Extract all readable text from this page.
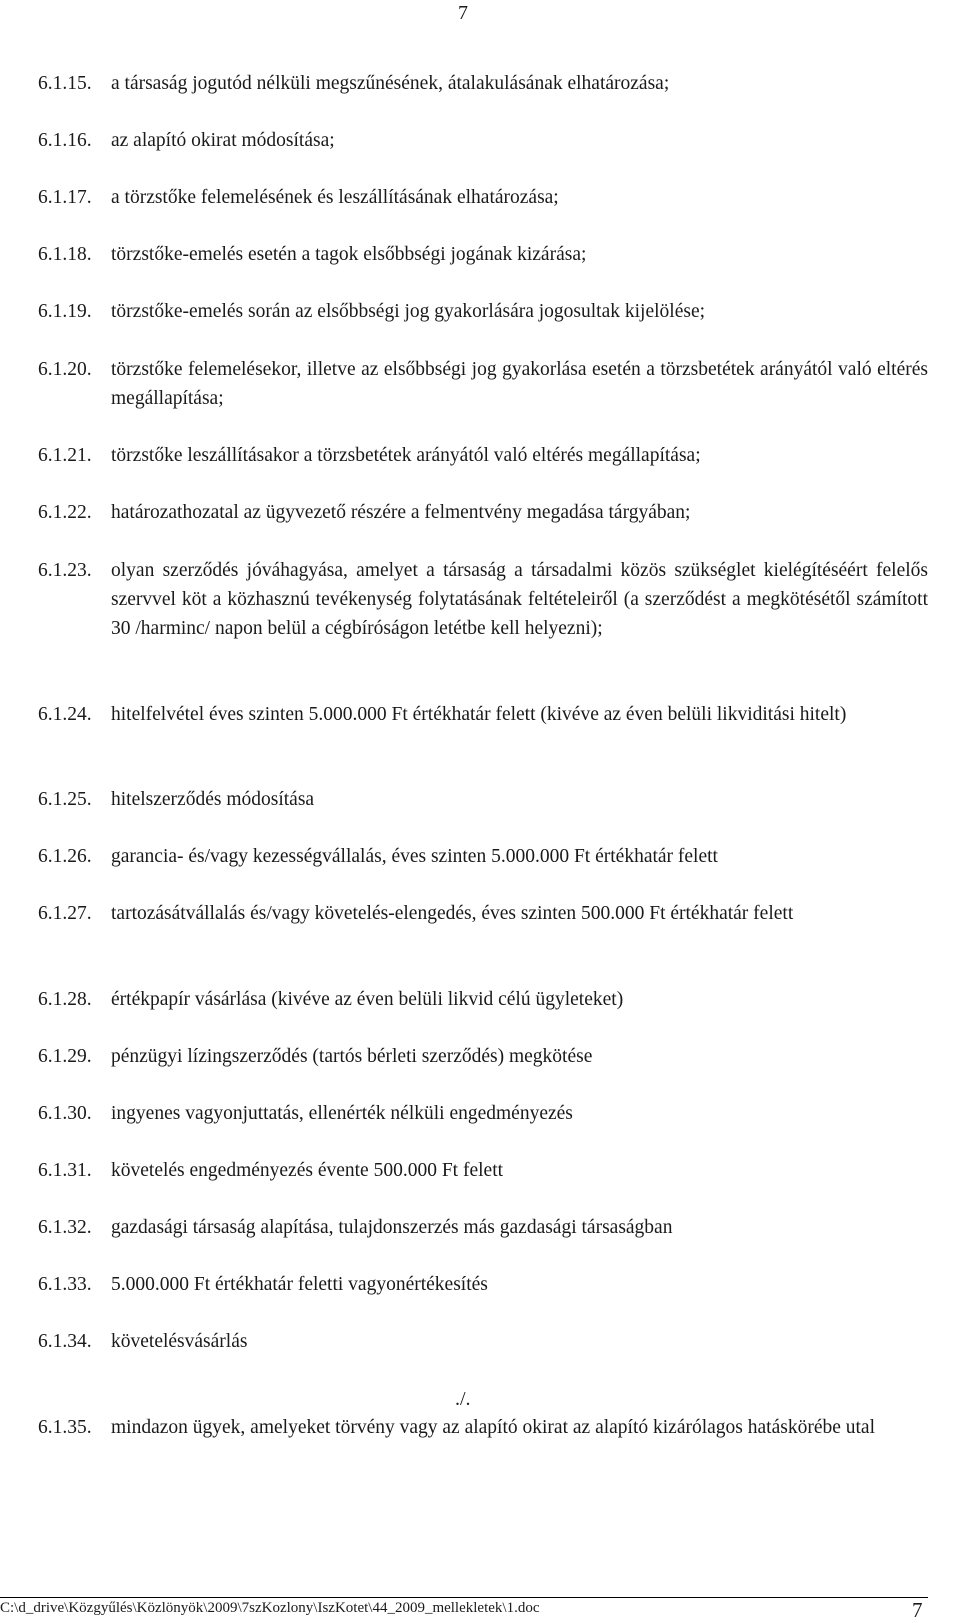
7
6.1.15. a társaság jogutód nélküli megszűnésének, átalakulásának elhatározása;
6.1.16. az alapító okirat módosítása;
6.1.17. a törzstőke felemelésének és leszállításának elhatározása;
6.1.18. törzstőke-emelés esetén a tagok elsőbbségi jogának kizárása;
6.1.19. törzstőke-emelés során az elsőbbségi jog gyakorlására jogosultak kijelölése;
6.1.20. törzstőke felemelésekor, illetve az elsőbbségi jog gyakorlása esetén a törzsbetétek arányától való eltérés megállapítása;
6.1.21. törzstőke leszállításakor a törzsbetétek arányától való eltérés megállapítása;
6.1.22. határozathozatal az ügyvezető részére a felmentvény megadása tárgyában;
6.1.23. olyan szerződés jóváhagyása, amelyet a társaság a társadalmi közös szükséglet kielégítéséért felelős szervvel köt a közhasznú tevékenység folytatásának feltételeiről (a szerződést a megkötésétől számított 30 /harminc/ napon belül a cégbíróságon letétbe kell helyezni);
6.1.24. hitelfelvétel éves szinten 5.000.000 Ft értékhatár felett (kivéve az éven belüli likviditási hitelt)
6.1.25. hitelszerződés módosítása
6.1.26. garancia- és/vagy kezességvállalás, éves szinten 5.000.000 Ft értékhatár felett
6.1.27. tartozásátvállalás és/vagy követelés-elengedés, éves szinten 500.000 Ft értékhatár felett
6.1.28. értékpapír vásárlása (kivéve az éven belüli likvid célú ügyleteket)
6.1.29. pénzügyi lízingszerződés (tartós bérleti szerződés) megkötése
6.1.30. ingyenes vagyonjuttatás, ellenérték nélküli engedményezés
6.1.31. követelés engedményezés évente 500.000 Ft felett
6.1.32. gazdasági társaság alapítása, tulajdonszerzés más gazdasági társaságban
6.1.33. 5.000.000 Ft értékhatár feletti vagyonértékesítés
6.1.34. követelésvásárlás
./.
6.1.35. mindazon ügyek, amelyeket törvény vagy az alapító okirat az alapító kizárólagos hatáskörébe utal
C:\d_drive\Közgyűlés\Közlönyök\2009\7szKozlony\IszKotet\44_2009_mellekletek\1.doc	7
